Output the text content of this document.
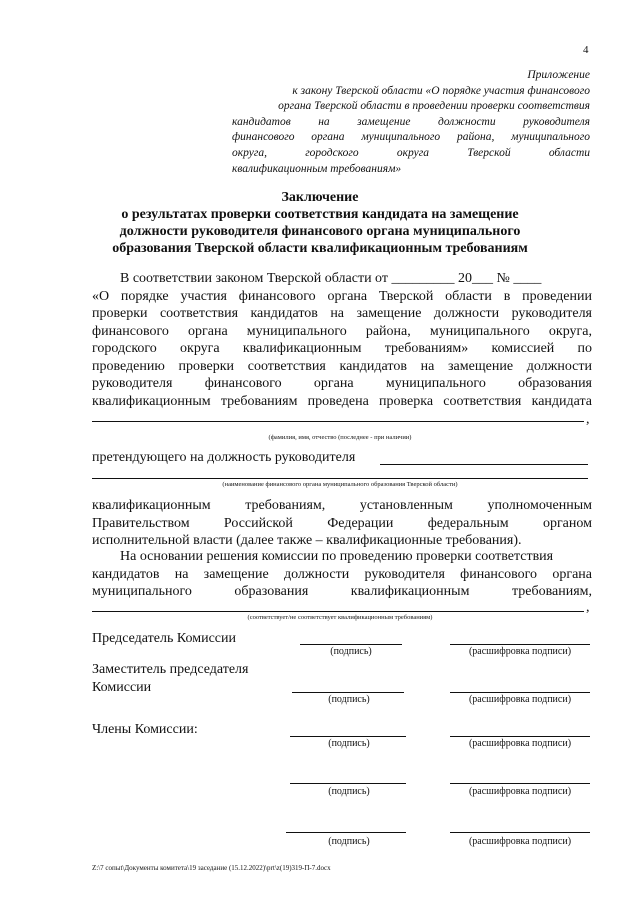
4
Приложение
к закону Тверской области «О порядке участия финансового
органа Тверской области в проведении проверки соответствия
кандидатов на замещение должности руководителя
финансового органа муниципального района, муниципального
округа, городского округа Тверской области
квалификационным требованиям»
Заключение
о результатах проверки соответствия кандидата на замещение
должности руководителя финансового органа муниципального
образования Тверской области квалификационным требованиям
В соответствии законом Тверской области от _________ 20___ № ____
«О порядке участия финансового органа Тверской области в проведении
проверки соответствия кандидатов на замещение должности руководителя
финансового органа муниципального района, муниципального округа,
городского округа квалификационным требованиям» комиссией по
проведению проверки соответствия кандидатов на замещение должности
руководителя финансового органа муниципального образования
квалификационным требованиям проведена проверка соответствия кандидата
,
(фамилия, имя, отчество (последнее - при наличии)
претендующего на должность руководителя
(наименование финансового органа муниципального образования Тверской области)
квалификационным требованиям, установленным уполномоченным
Правительством Российской Федерации федеральным органом
исполнительной власти (далее также – квалификационные требования).
На основании решения комиссии по проведению проверки соответствия
кандидатов на замещение должности руководителя финансового органа
муниципального образования квалификационным требованиям,
,
(соответствует/не соответствует квалификационным требованиям)
Председатель Комиссии
(подпись)	(расшифровка подписи)
Заместитель председателя
Комиссии
(подпись)	(расшифровка подписи)
Члены Комиссии:
(подпись)	(расшифровка подписи)
(подпись)	(расшифровка подписи)
(подпись)	(расшифровка подписи)
Z:\7 сопыt\Документы комитета\19 заседание (15.12.2022)\prt\z(19)319-П-7.docx
